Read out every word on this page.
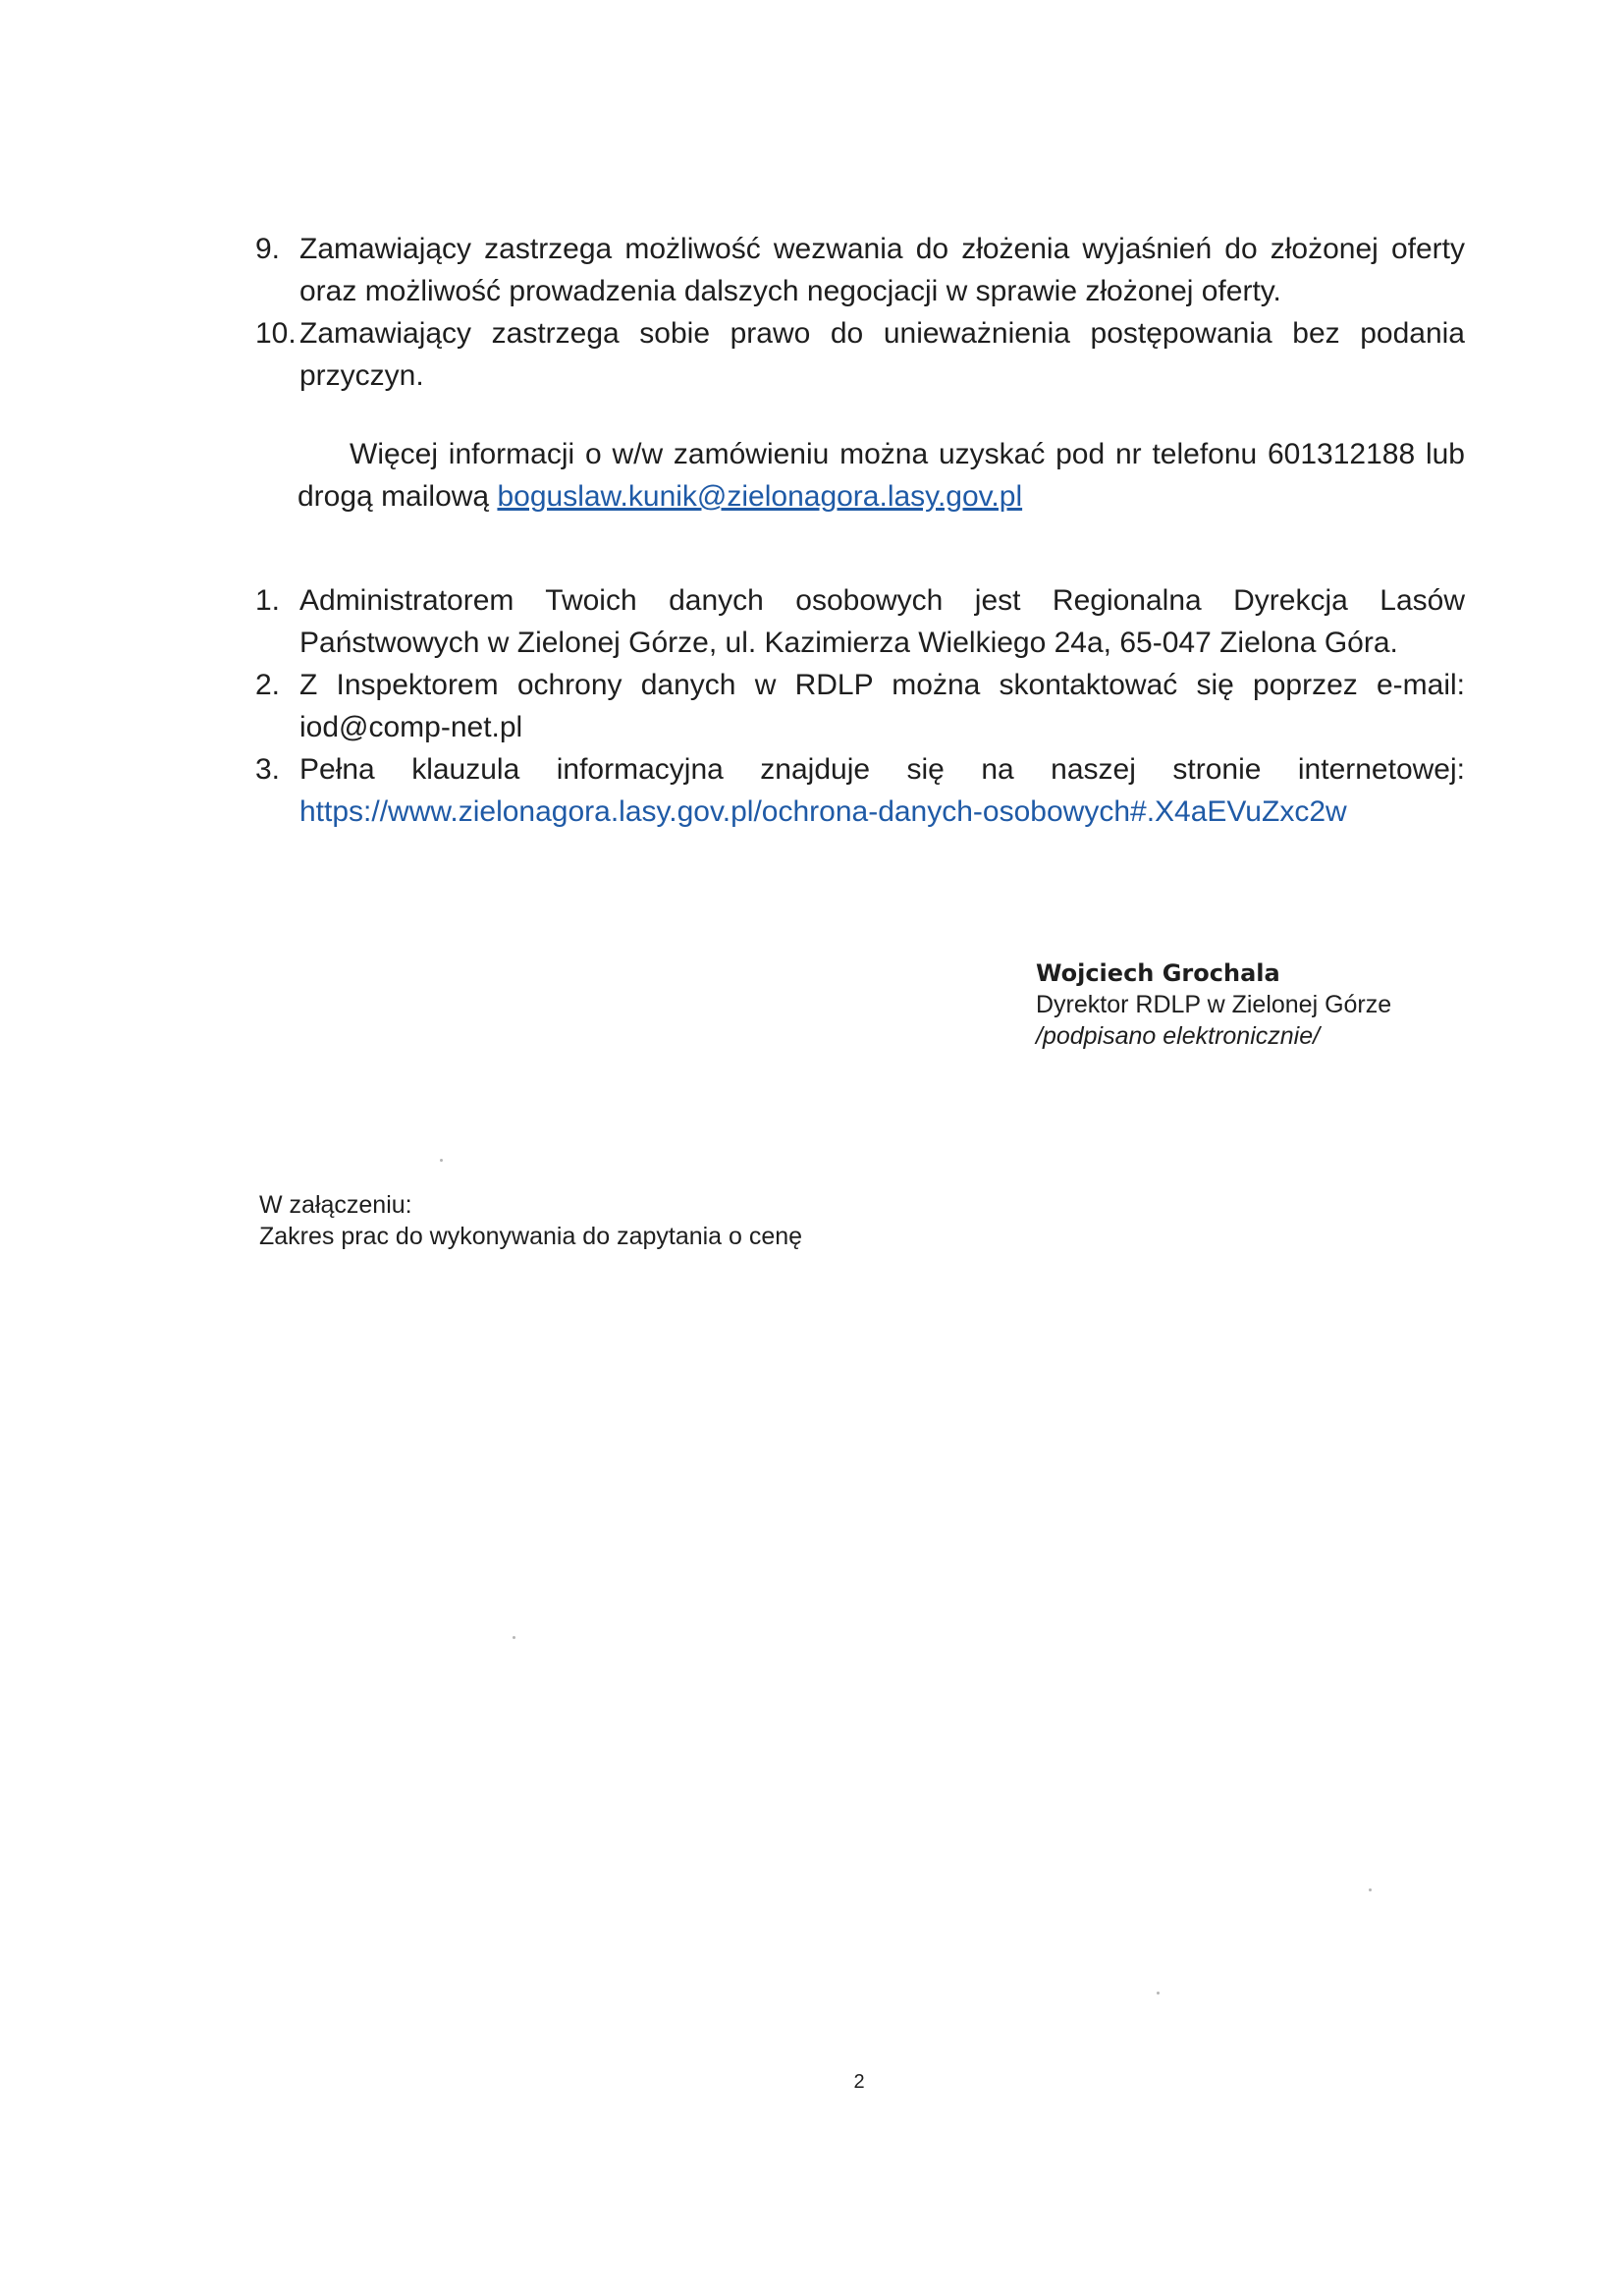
9. Zamawiający zastrzega możliwość wezwania do złożenia wyjaśnień do złożonej oferty oraz możliwość prowadzenia dalszych negocjacji w sprawie złożonej oferty.
10. Zamawiający zastrzega sobie prawo do unieważnienia postępowania bez podania przyczyn.

Więcej informacji o w/w zamówieniu można uzyskać pod nr telefonu 601312188 lub drogą mailową boguslaw.kunik@zielonagora.lasy.gov.pl

1. Administratorem Twoich danych osobowych jest Regionalna Dyrekcja Lasów Państwowych w Zielonej Górze, ul. Kazimierza Wielkiego 24a, 65-047 Zielona Góra.
2. Z Inspektorem ochrony danych w RDLP można skontaktować się poprzez e-mail: iod@comp-net.pl
3. Pełna klauzula informacyjna znajduje się na naszej stronie internetowej: https://www.zielonagora.lasy.gov.pl/ochrona-danych-osobowych#.X4aEVuZxc2w
Wojciech Grochala
Dyrektor RDLP w Zielonej Górze
/podpisano elektronicznie/
W załączeniu:
Zakres prac do wykonywania do zapytania o cenę
2
